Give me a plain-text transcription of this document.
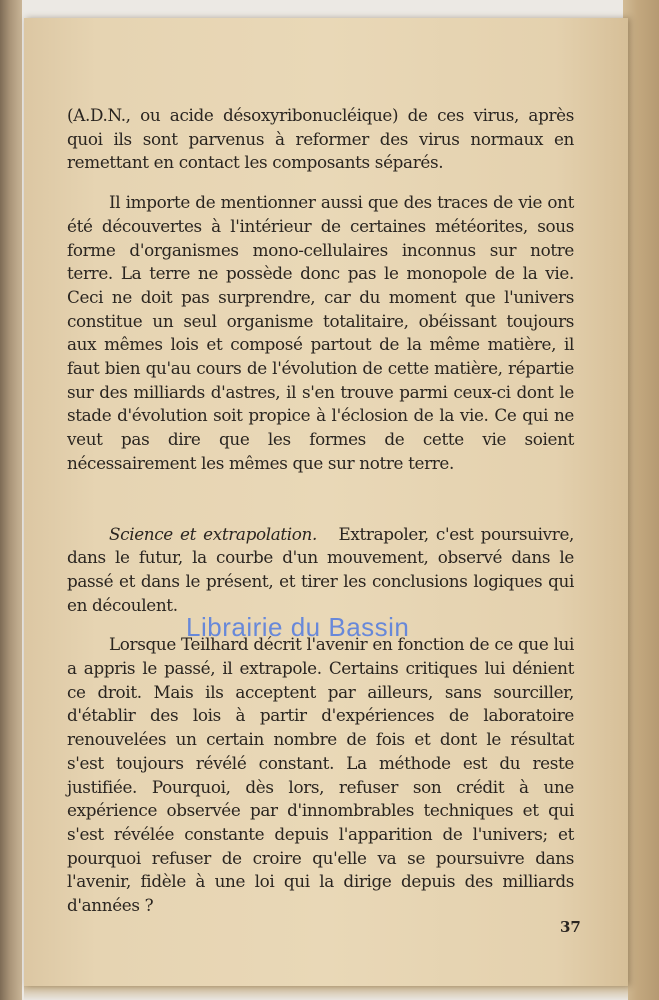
(A.D.N., ou acide désoxyribonucléique) de ces virus, après quoi ils sont parvenus à reformer des virus normaux en remettant en contact les composants séparés.

Il importe de mentionner aussi que des traces de vie ont été découvertes à l'intérieur de certaines météorites, sous forme d'organismes mono-cellulaires inconnus sur notre terre. La terre ne possède donc pas le monopole de la vie. Ceci ne doit pas surprendre, car du moment que l'univers constitue un seul organisme totalitaire, obéissant toujours aux mêmes lois et composé partout de la même matière, il faut bien qu'au cours de l'évolution de cette matière, répartie sur des milliards d'astres, il s'en trouve parmi ceux-ci dont le stade d'évolution soit propice à l'éclosion de la vie. Ce qui ne veut pas dire que les formes de cette vie soient nécessairement les mêmes que sur notre terre.

Science et extrapolation. Extrapoler, c'est poursuivre, dans le futur, la courbe d'un mouvement, observé dans le passé et dans le présent, et tirer les conclusions logiques qui en découlent.

Lorsque Teilhard décrit l'avenir en fonction de ce que lui a appris le passé, il extrapole. Certains critiques lui dénient ce droit. Mais ils acceptent par ailleurs, sans sourciller, d'établir des lois à partir d'expériences de laboratoire renouvelées un certain nombre de fois et dont le résultat s'est toujours révélé constant. La méthode est du reste justifiée. Pourquoi, dès lors, refuser son crédit à une expérience observée par d'innombrables techniques et qui s'est révélée constante depuis l'apparition de l'univers; et pourquoi refuser de croire qu'elle va se poursuivre dans l'avenir, fidèle à une loi qui la dirige depuis des milliards d'années ?

37
Librairie du Bassin
